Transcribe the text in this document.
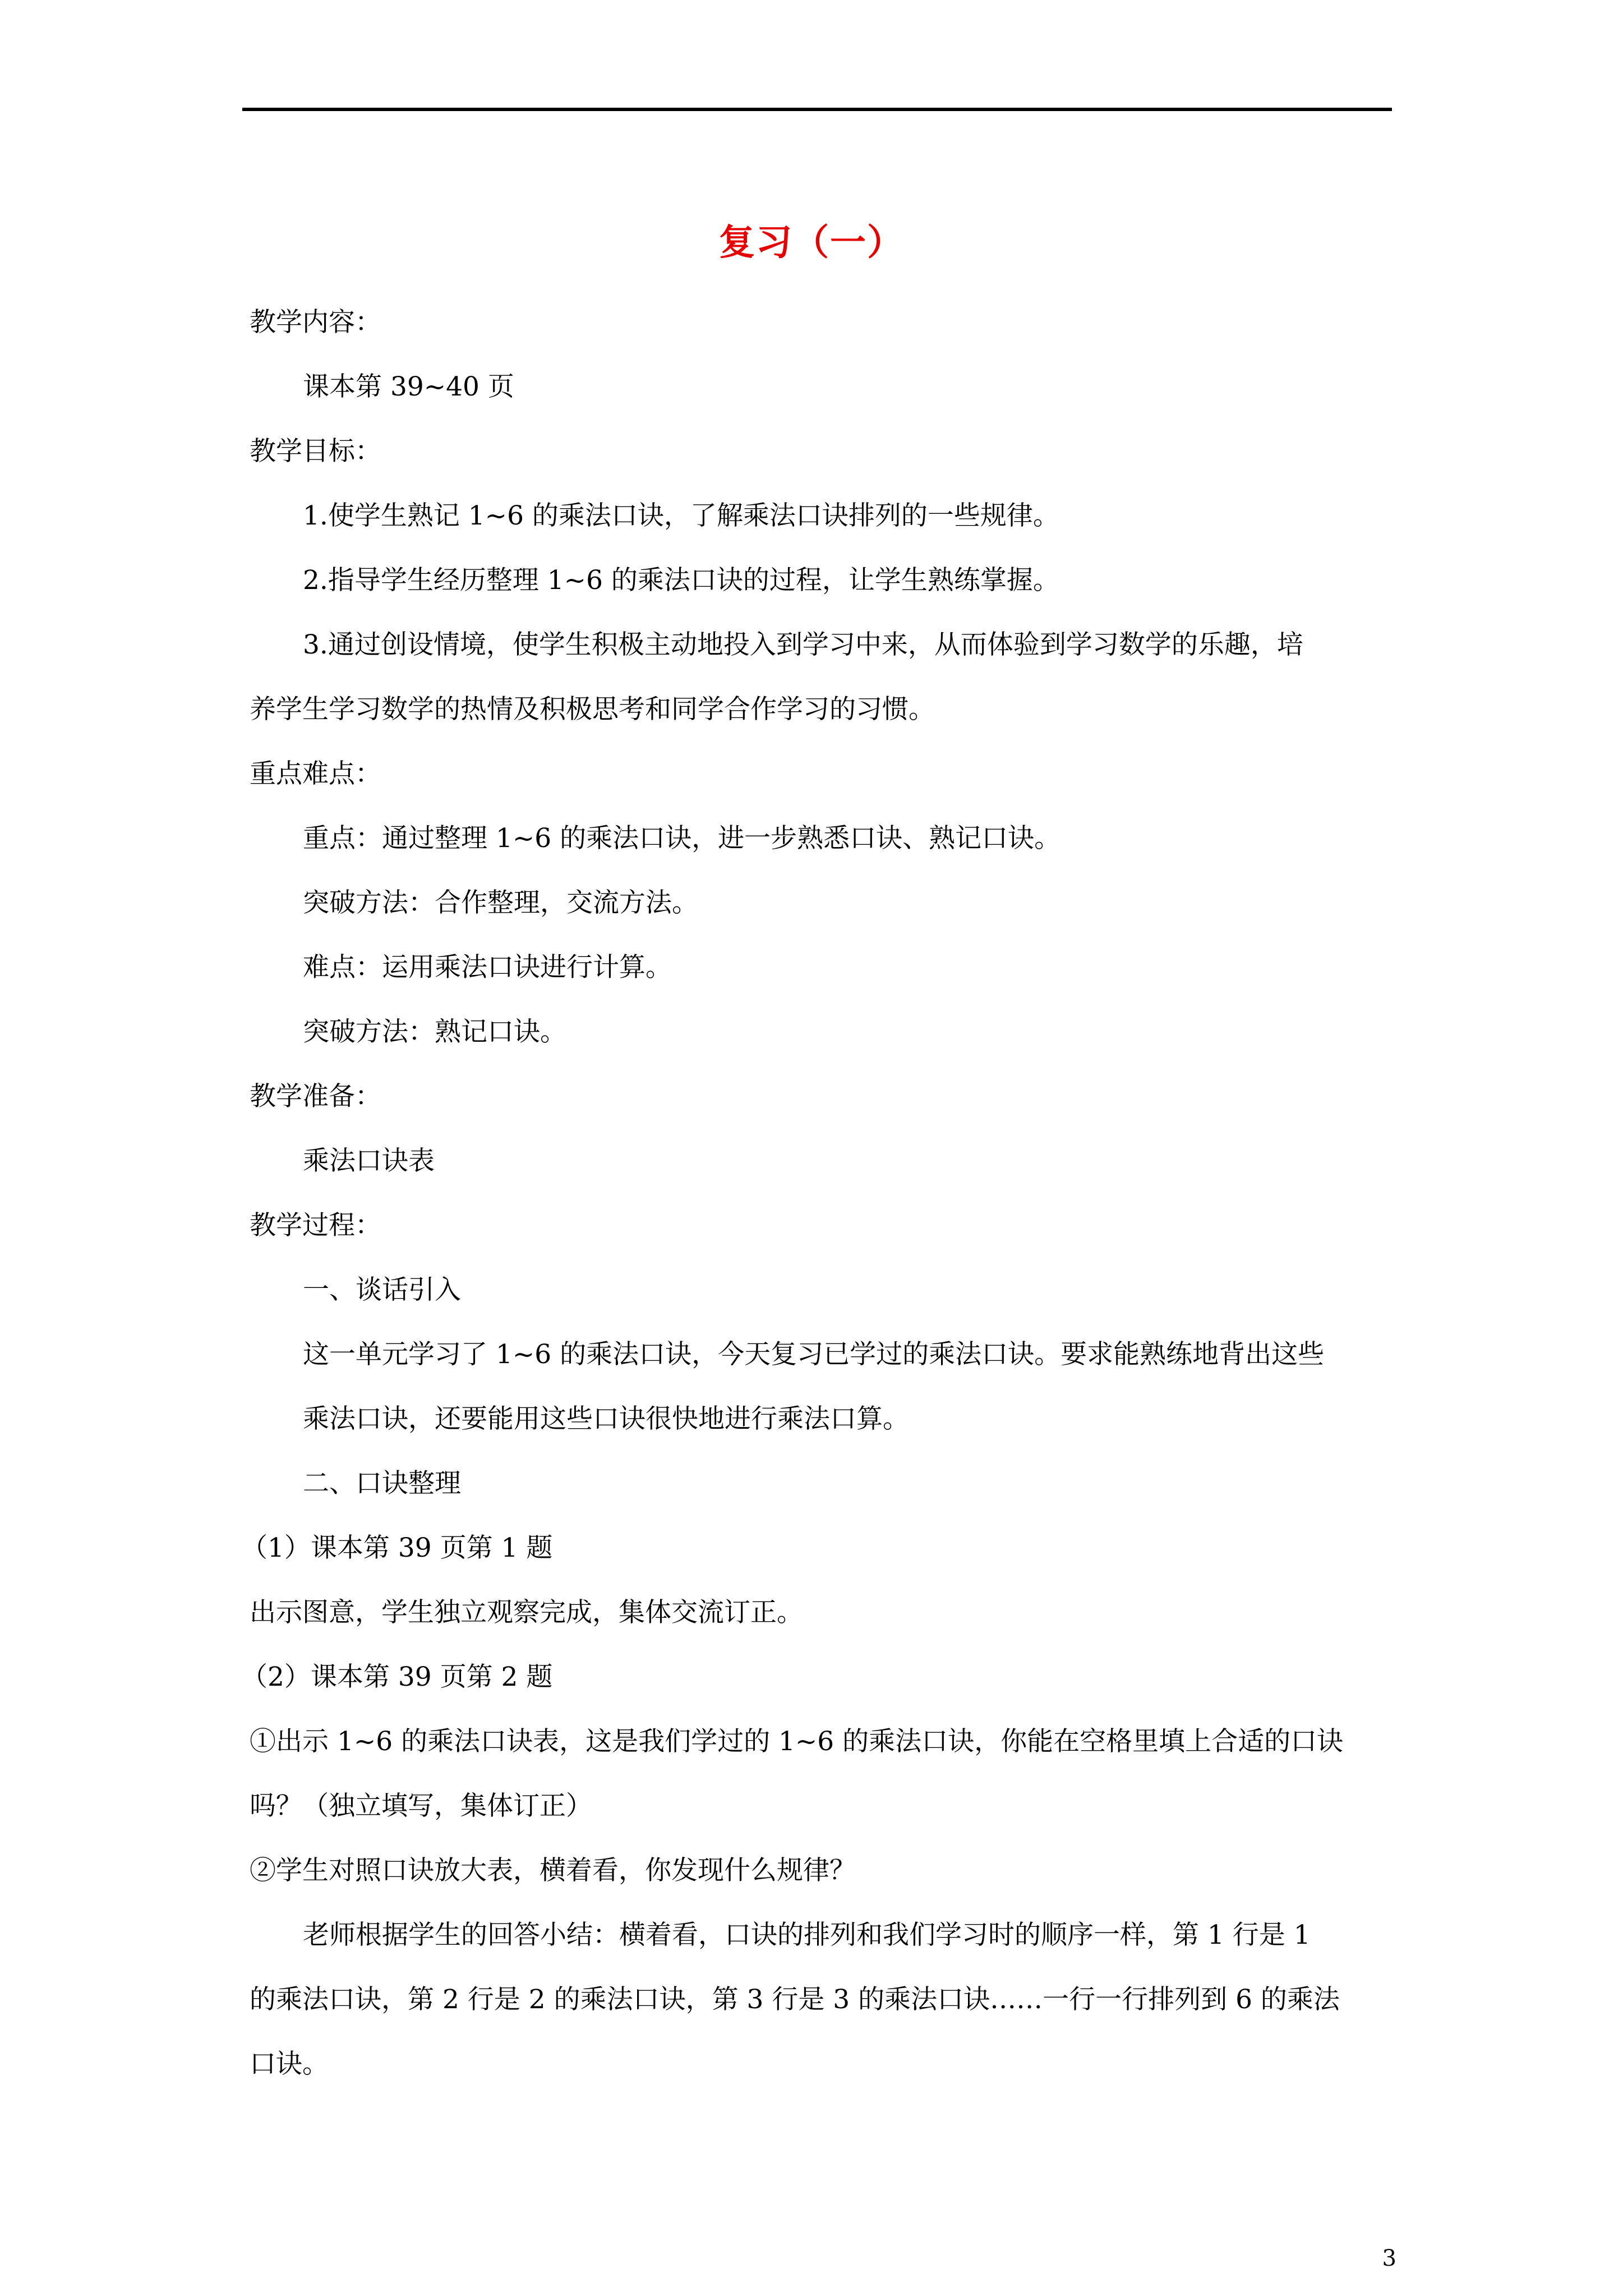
复习（一）
教学内容：
课本第 39~40 页
教学目标：
1.使学生熟记 1~6 的乘法口诀，了解乘法口诀排列的一些规律。
2.指导学生经历整理 1~6 的乘法口诀的过程，让学生熟练掌握。
3.通过创设情境，使学生积极主动地投入到学习中来，从而体验到学习数学的乐趣，培
养学生学习数学的热情及积极思考和同学合作学习的习惯。
重点难点：
重点：通过整理 1~6 的乘法口诀，进一步熟悉口诀、熟记口诀。
突破方法：合作整理，交流方法。
难点：运用乘法口诀进行计算。
突破方法：熟记口诀。
教学准备：
乘法口诀表
教学过程：
一、谈话引入
这一单元学习了 1~6 的乘法口诀，今天复习已学过的乘法口诀。要求能熟练地背出这些
乘法口诀，还要能用这些口诀很快地进行乘法口算。
二、口诀整理
（1）课本第 39 页第 1 题
出示图意，学生独立观察完成，集体交流订正。
（2）课本第 39 页第 2 题
①出示 1~6 的乘法口诀表，这是我们学过的 1~6 的乘法口诀，你能在空格里填上合适的口诀
吗？（独立填写，集体订正）
②学生对照口诀放大表，横着看，你发现什么规律？
老师根据学生的回答小结：横着看，口诀的排列和我们学习时的顺序一样，第 1 行是 1
的乘法口诀，第 2 行是 2 的乘法口诀，第 3 行是 3 的乘法口诀……一行一行排列到 6 的乘法
口诀。
3
